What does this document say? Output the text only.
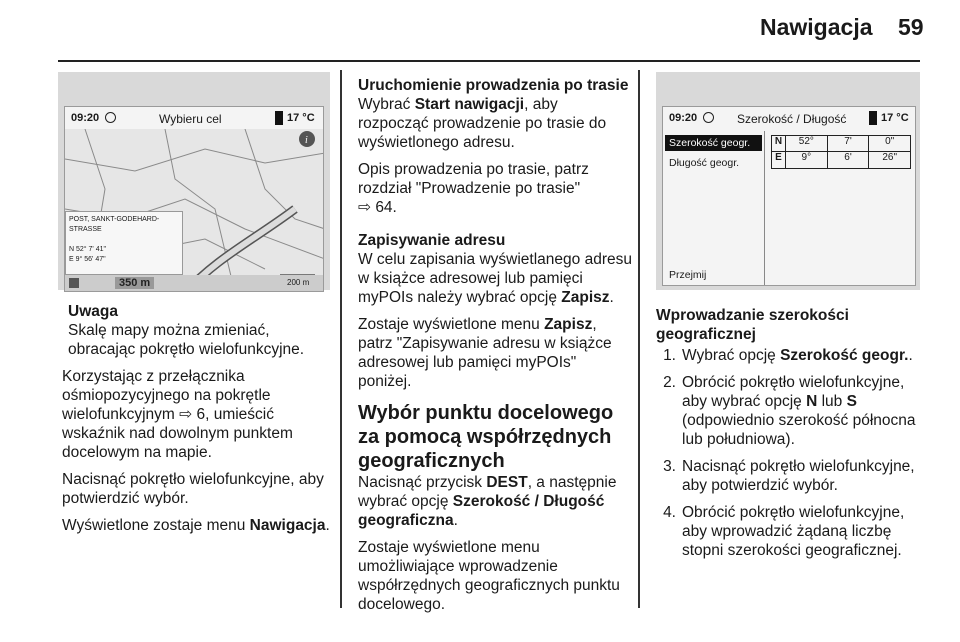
Nawigacja 59
09:20	Wybieru cel	17 °C
i
POST, SANKT-GODEHARD-STRASSE
N 52° 7' 41"
E 9° 56' 47"
350 m	200 m
Uwaga
Skalę mapy można zmieniać, obracając pokrętło wielofunkcyjne.

Korzystając z przełącznika ośmiopozycyjnego na pokrętle wielofunkcyjnym ⇨ 6, umieścić wskaźnik nad dowolnym punktem docelowym na mapie.

Nacisnąć pokrętło wielofunkcyjne, aby potwierdzić wybór.

Wyświetlone zostaje menu Nawigacja.

Uruchomienie prowadzenia po trasie

Wybrać Start nawigacji, aby rozpocząć prowadzenie po trasie do wyświetlonego adresu.

Opis prowadzenia po trasie, patrz rozdział "Prowadzenie po trasie"
⇨ 64.

Zapisywanie adresu

W celu zapisania wyświetlanego adresu w książce adresowej lub pamięci myPOIs należy wybrać opcję Zapisz.

Zostaje wyświetlone menu Zapisz, patrz "Zapisywanie adresu w książce adresowej lub pamięci myPOIs" poniżej.

Wybór punktu docelowego za pomocą współrzędnych geograficznych

Nacisnąć przycisk DEST, a następnie wybrać opcję Szerokość / Długość geograficzna.

Zostaje wyświetlone menu umożliwiające wprowadzenie współrzędnych geograficznych punktu docelowego.

09:20	Szerokość / Długość	17 °C
Szerokość geogr.
Długość geogr.
Przejmij
N	52°	7'	0"
E	9°	6'	26"
Wprowadzanie szerokości geograficznej
1. Wybrać opcję Szerokość geogr..
2. Obrócić pokrętło wielofunkcyjne, aby wybrać opcję N lub S (odpowiednio szerokość północna lub południowa).
3. Nacisnąć pokrętło wielofunkcyjne, aby potwierdzić wybór.
4. Obrócić pokrętło wielofunkcyjne, aby wprowadzić żądaną liczbę stopni szerokości geograficznej.
